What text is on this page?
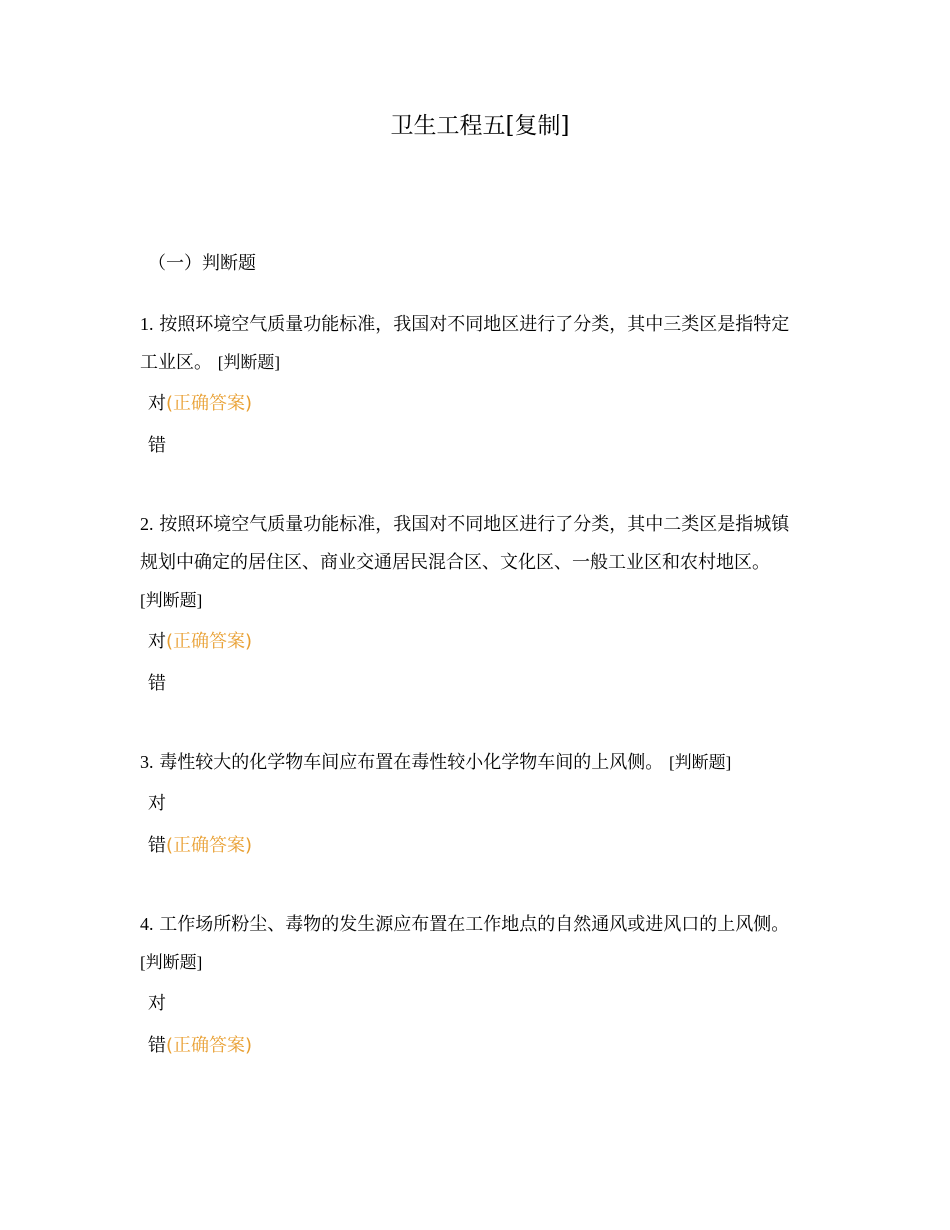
卫生工程五[复制]
（一）判断题

1. 按照环境空气质量功能标准，我国对不同地区进行了分类，其中三类区是指特定
工业区。 [判断题]

对(正确答案)
错

2. 按照环境空气质量功能标准，我国对不同地区进行了分类，其中二类区是指城镇
规划中确定的居住区、商业交通居民混合区、文化区、一般工业区和农村地区。
[判断题]

对(正确答案)
错

3. 毒性较大的化学物车间应布置在毒性较小化学物车间的上风侧。 [判断题]

对
错(正确答案)

4. 工作场所粉尘、毒物的发生源应布置在工作地点的自然通风或进风口的上风侧。
[判断题]

对
错(正确答案)
